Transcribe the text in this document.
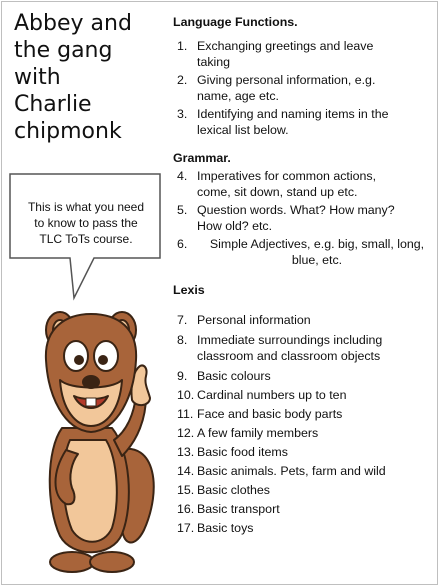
Abbey and
the gang
with
Charlie
chipmonk
This is what you need
to know to pass the
TLC ToTs course.

Language Functions.

1. Exchanging greetings and leave
taking
2. Giving personal information, e.g.
name, age etc.
3. Identifying and naming items in the
lexical list below.

Grammar.

4. Imperatives for common actions,
come, sit down, stand up etc.
5. Question words. What? How many?
How old? etc.
6.	Simple Adjectives, e.g. big, small, long,
blue, etc.

Lexis

7. Personal information
8. Immediate surroundings including
classroom and classroom objects
9. Basic colours
10. Cardinal numbers up to ten
11. Face and basic body parts
12. A few family members
13. Basic food items
14. Basic animals. Pets, farm and wild
15. Basic clothes
16. Basic transport
17. Basic toys
